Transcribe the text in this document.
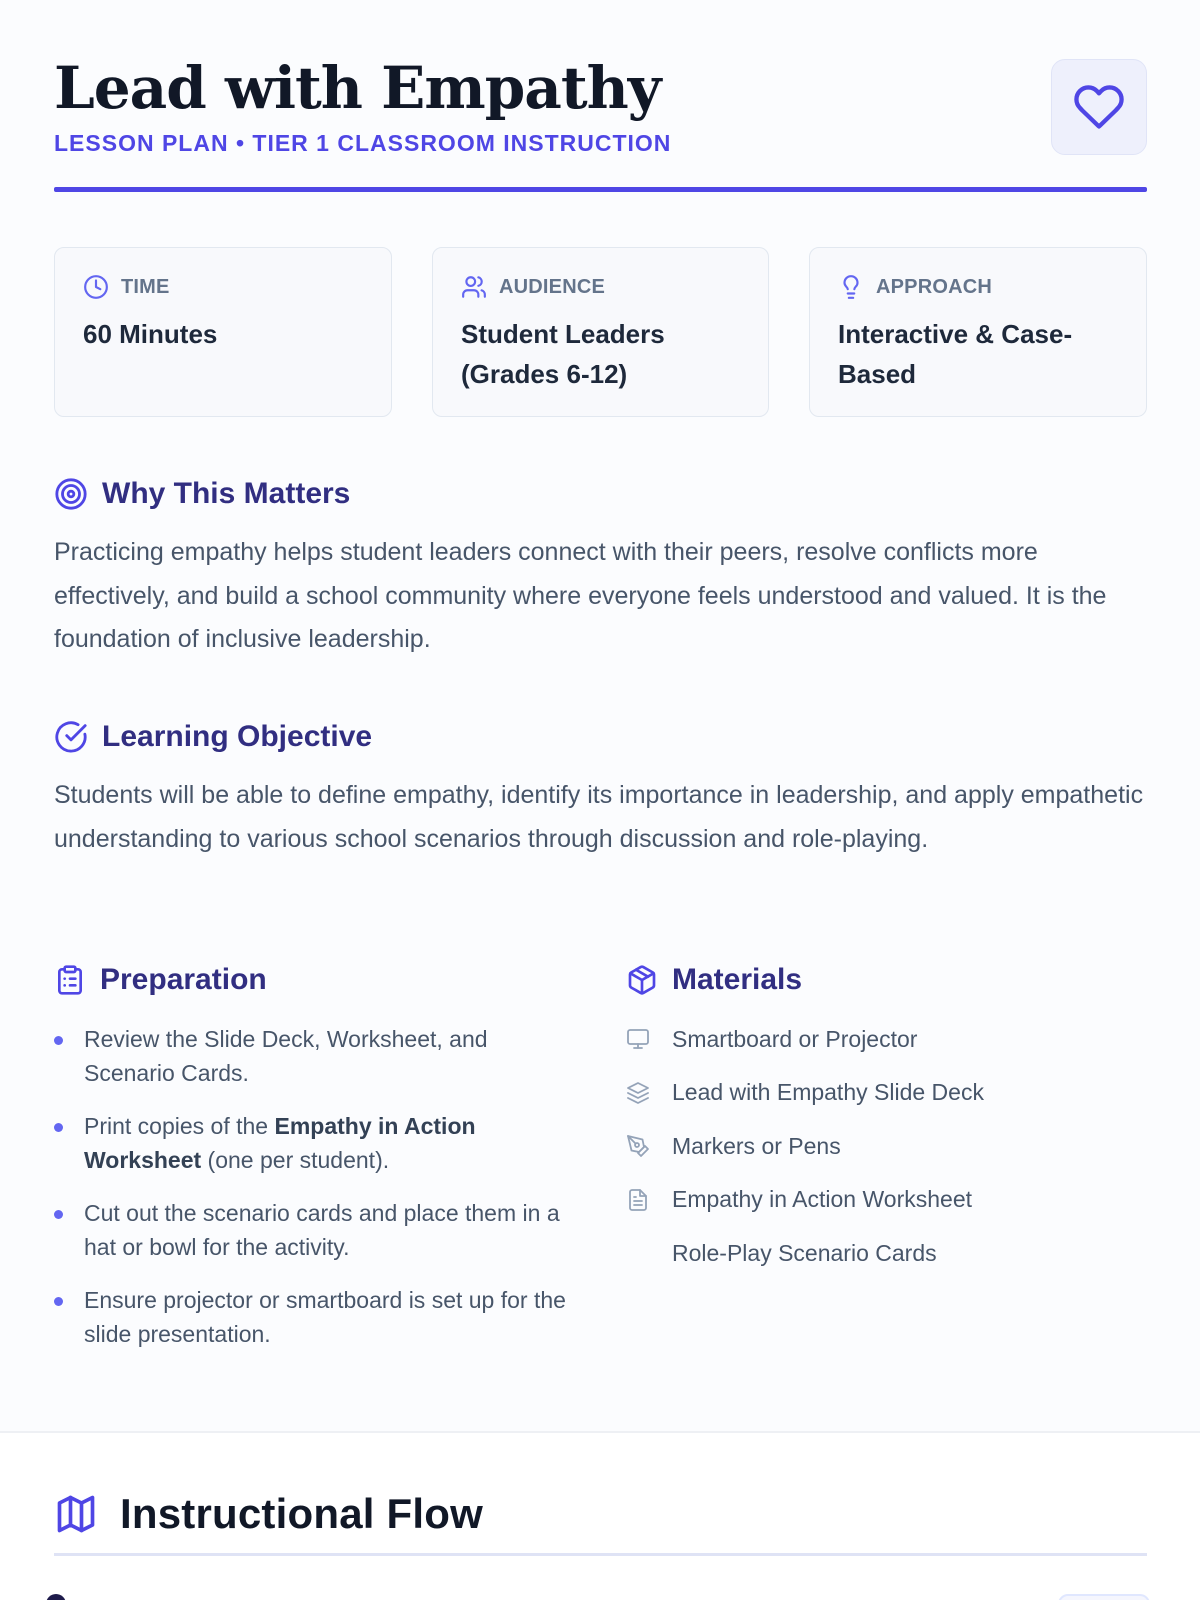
Lead with Empathy
LESSON PLAN • TIER 1 CLASSROOM INSTRUCTION
TIME
60 Minutes
AUDIENCE
Student Leaders (Grades 6-12)
APPROACH
Interactive & Case-Based
Why This Matters

Practicing empathy helps student leaders connect with their peers, resolve conflicts more effectively, and build a school community where everyone feels understood and valued. It is the foundation of inclusive leadership.

Learning Objective

Students will be able to define empathy, identify its importance in leadership, and apply empathetic understanding to various school scenarios through discussion and role-playing.

Preparation
Review the Slide Deck, Worksheet, and Scenario Cards.
Print copies of the Empathy in Action Worksheet (one per student).
Cut out the scenario cards and place them in a hat or bowl for the activity.
Ensure projector or smartboard is set up for the slide presentation.
Materials
Smartboard or Projector
Lead with Empathy Slide Deck
Markers or Pens
Empathy in Action Worksheet
Role-Play Scenario Cards
Instructional Flow
